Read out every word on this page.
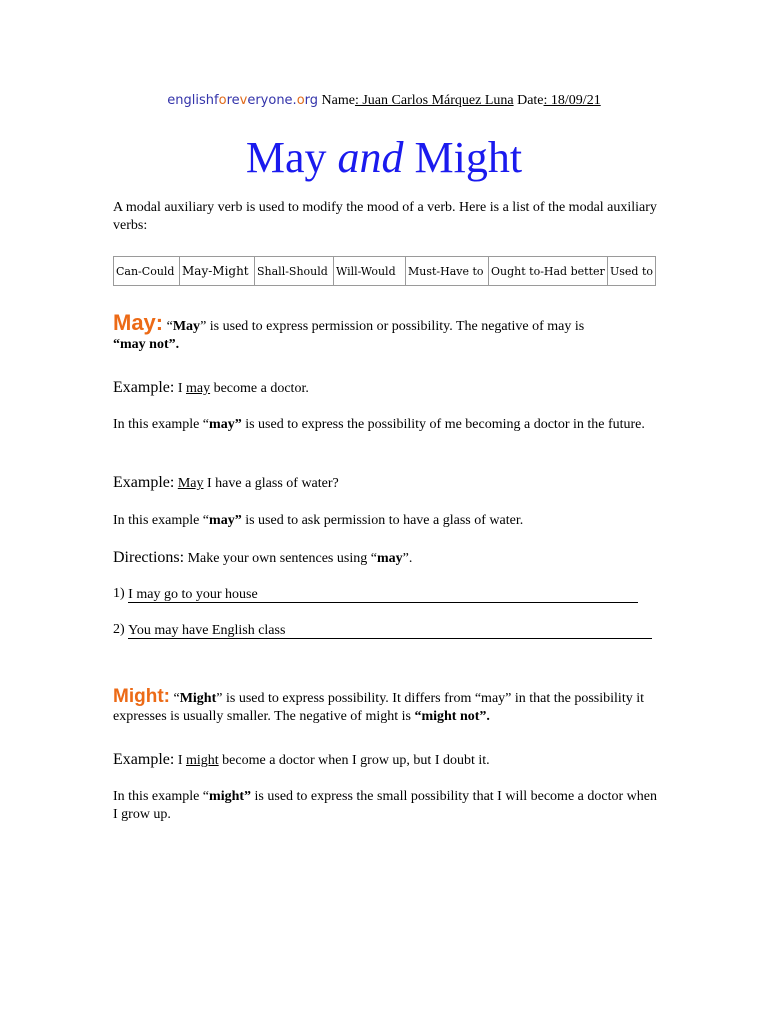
englishforeveryone.org Name: Juan Carlos Márquez Luna Date: 18/09/21
May and Might
A modal auxiliary verb is used to modify the mood of a verb. Here is a list of the modal auxiliary verbs:
Can-Could	May-Might	Shall-Should	Will-Would	Must-Have to	Ought to-Had better	Used to
May: “May” is used to express permission or possibility. The negative of may is
“may not”.
Example: I may become a doctor.
In this example “may” is used to express the possibility of me becoming a doctor in the future.
Example: May I have a glass of water?
In this example “may” is used to ask permission to have a glass of water.
Directions: Make your own sentences using “may”.
1) I may go to your house
2) You may have English class
Might: “Might” is used to express possibility. It differs from “may” in that the possibility it expresses is usually smaller. The negative of might is “might not”.
Example: I might become a doctor when I grow up, but I doubt it.
In this example “might” is used to express the small possibility that I will become a doctor when I grow up.
